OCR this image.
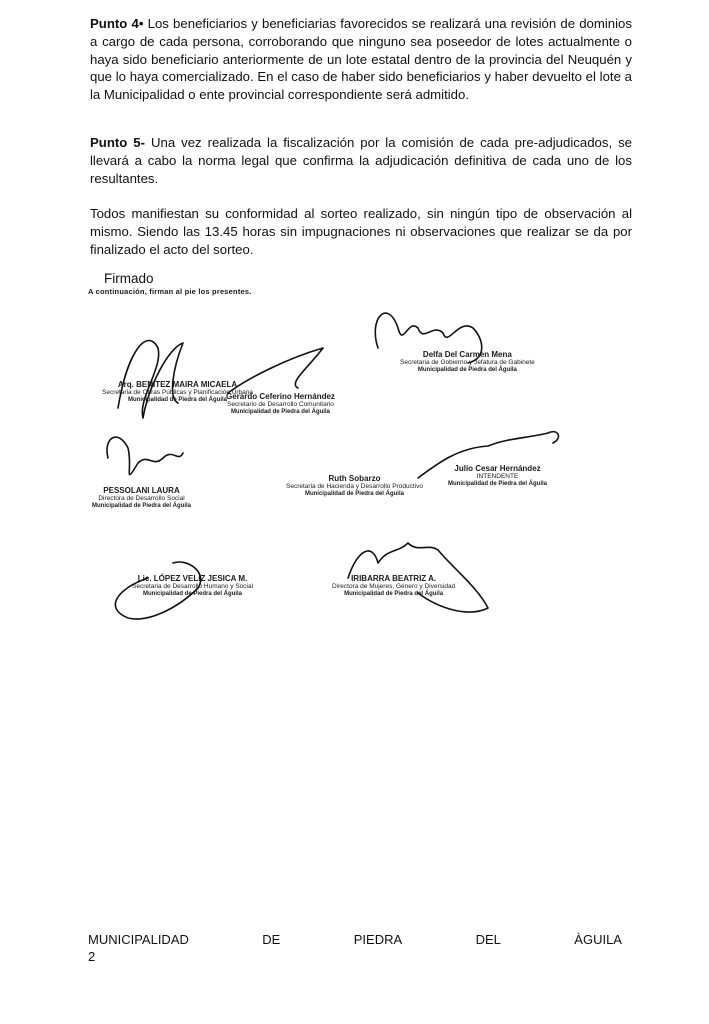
Punto 4• Los beneficiarios y beneficiarias favorecidos se realizará una revisión de dominios a cargo de cada persona, corroborando que ninguno sea poseedor de lotes actualmente o haya sido beneficiario anteriormente de un lote estatal dentro de la provincia del Neuquén y que lo haya comercializado. En el caso de haber sido beneficiarios y haber devuelto el lote a la Municipalidad o ente provincial correspondiente será admitido.

Punto 5- Una vez realizada la fiscalización por la comisión de cada pre-adjudicados, se llevará a cabo la norma legal que confirma la adjudicación definitiva de cada uno de los resultantes.

Todos manifiestan su conformidad al sorteo realizado, sin ningún tipo de observación al mismo. Siendo las 13.45 horas sin impugnaciones ni observaciones que realizar se da por finalizado el acto del sorteo.

Firmado
A continuación, firman al pie los presentes.
Arq. BENITEZ MAIRA MICAELA
Secretaria de Obras Públicas y Planificación Urbana
Municipalidad de Piedra del Águila
Gerardo Ceferino Hernández
Secretario de Desarrollo Comunitario
Municipalidad de Piedra del Águila
Delfa Del Carmen Mena
Secretaria de Gobierno y Jefatura de Gabinete
Municipalidad de Piedra del Águila
PESSOLANI LAURA
Directora de Desarrollo Social
Municipalidad de Piedra del Águila
Ruth Sobarzo
Secretaria de Hacienda y Desarrollo Productivo
Municipalidad de Piedra del Águila
Julio Cesar Hernández
INTENDENTE
Municipalidad de Piedra del Águila
Lic. LÓPEZ VELIZ JESICA M.
Secretaria de Desarrollo Humano y Social
Municipalidad de Piedra del Águila
IRIBARRA BEATRIZ A.
Directora de Mujeres, Género y Diversidad
Municipalidad de Piedra del Águila
MUNICIPALIDAD	DE	PIEDRA	DEL	ÀGUILA
2
